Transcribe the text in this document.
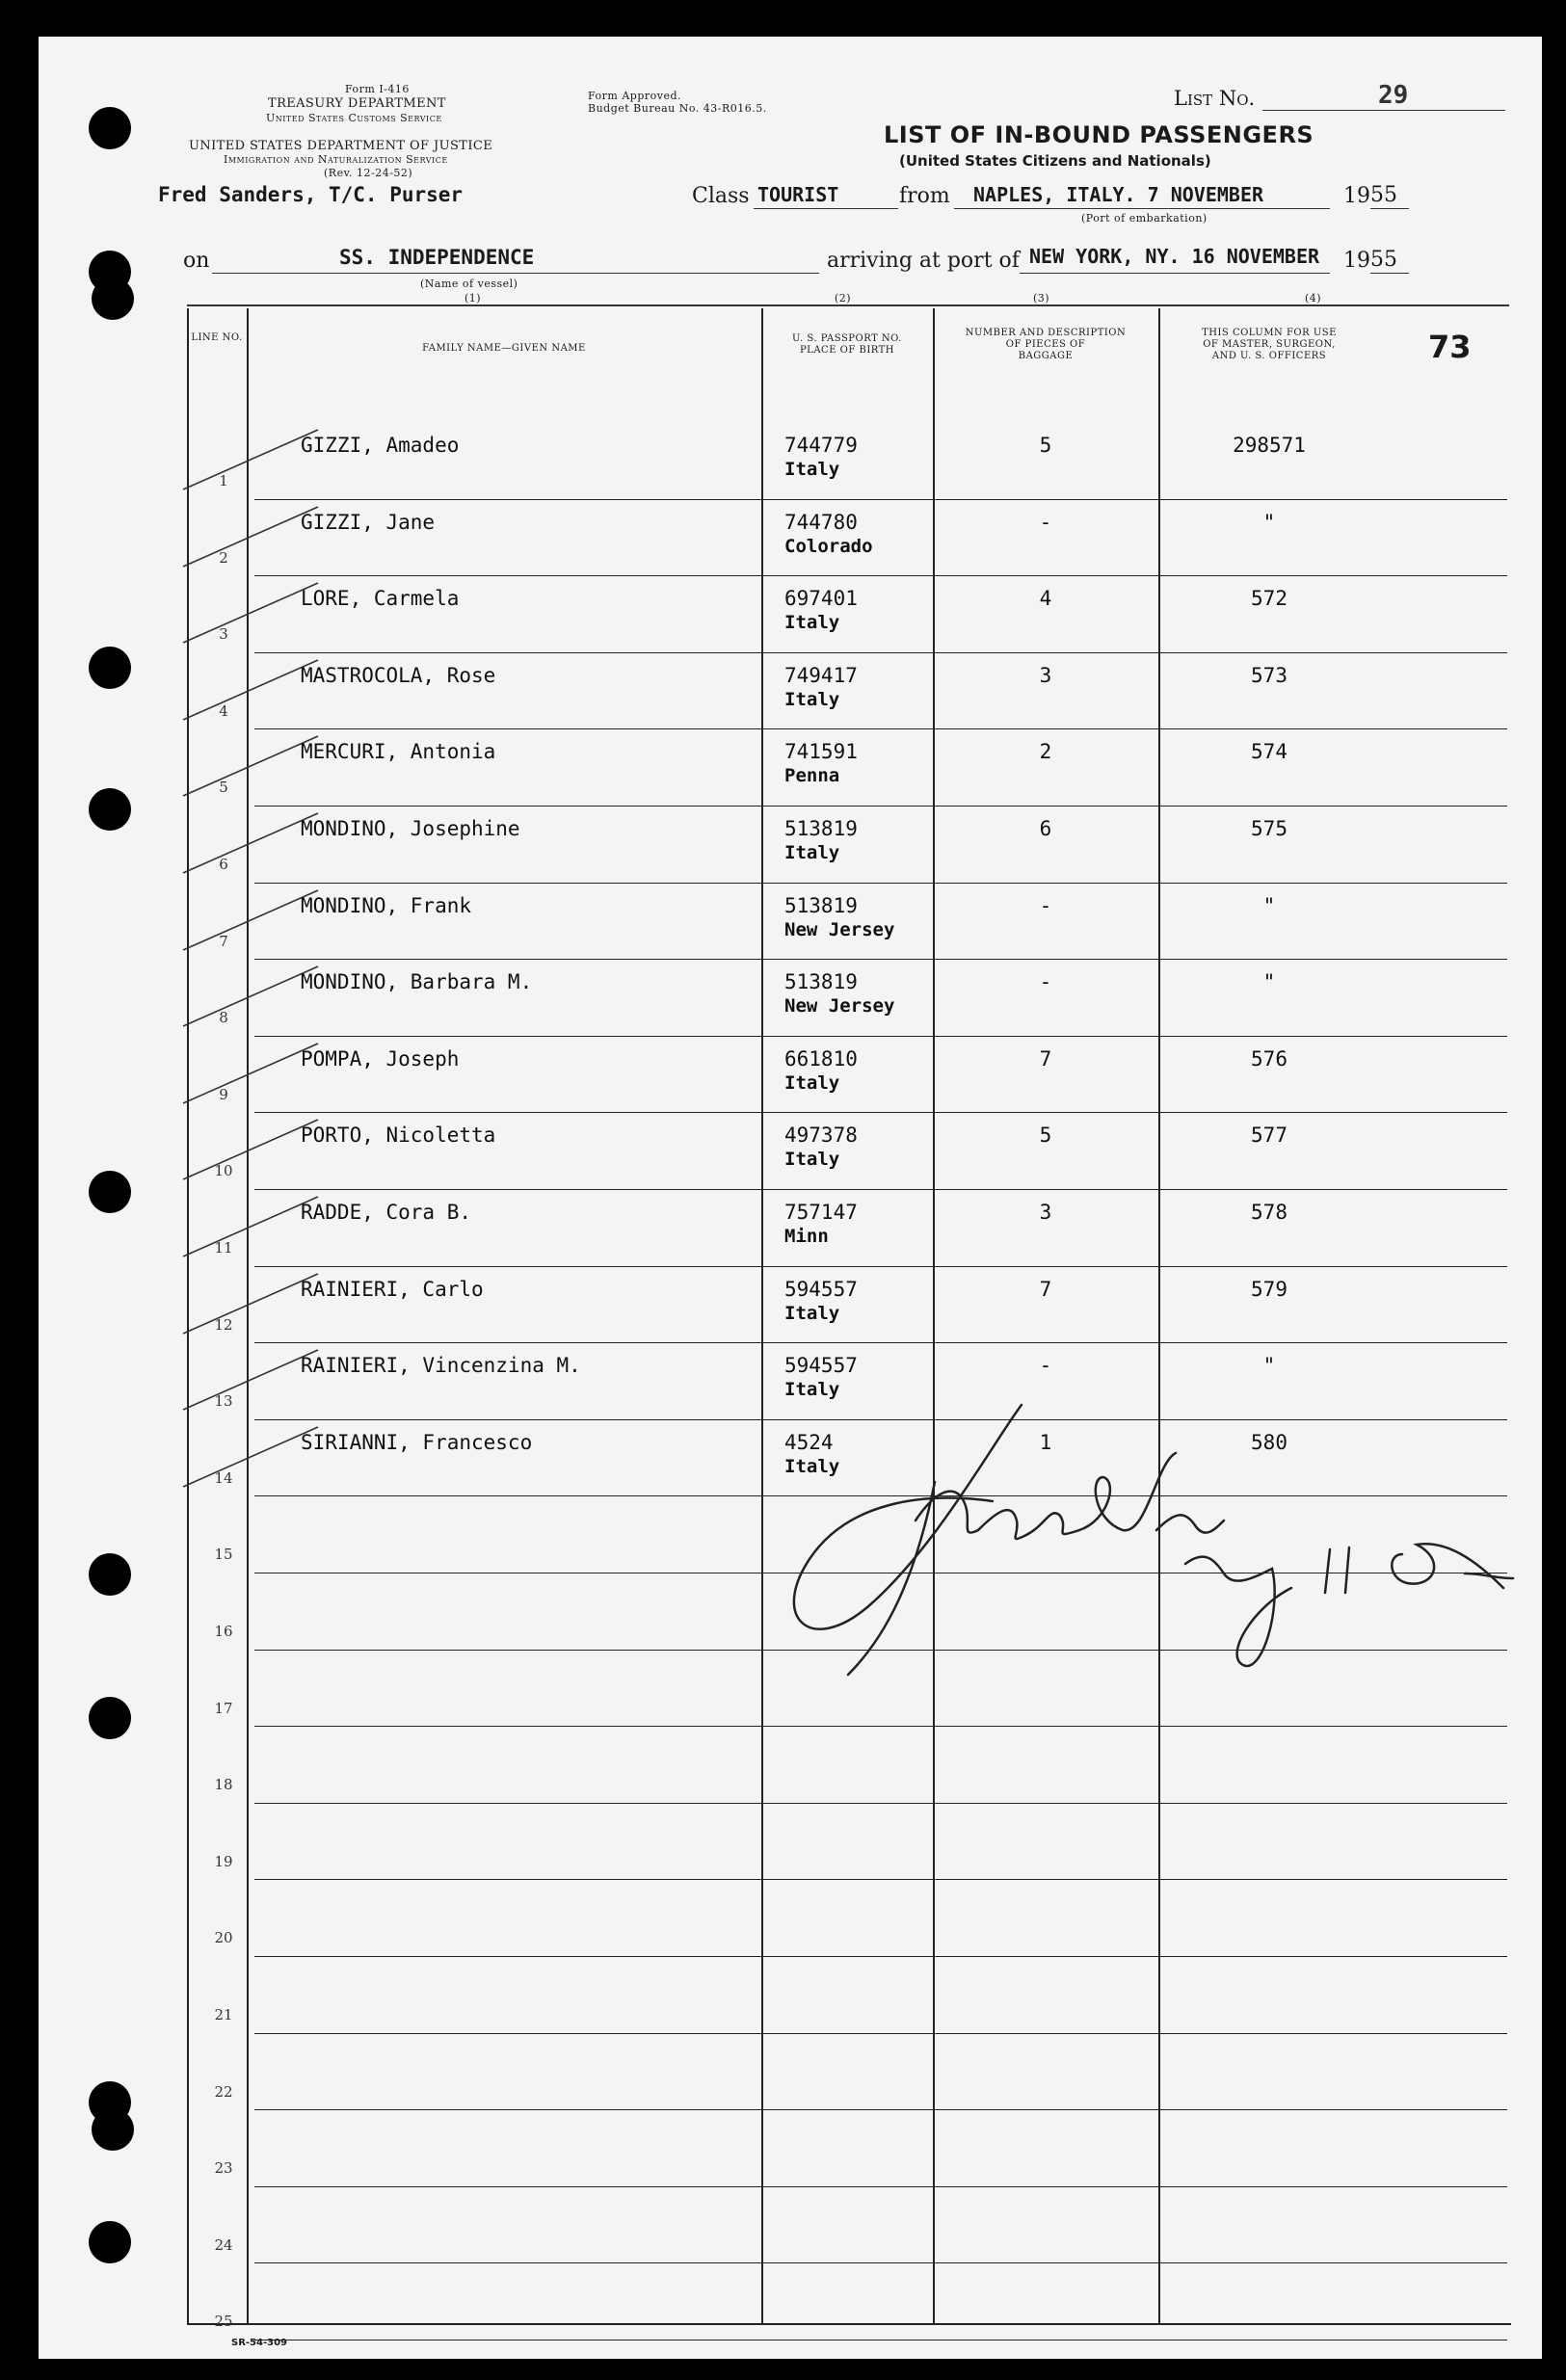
Form I-416
TREASURY DEPARTMENT
United States Customs Service
UNITED STATES DEPARTMENT OF JUSTICE
Immigration and Naturalization Service
(Rev. 12-24-52)
Form Approved.
Budget Bureau No. 43-R016.5.	List No.	29
LIST OF IN-BOUND PASSENGERS
(United States Citizens and Nationals)
Fred Sanders, T/C. Purser	Class TOURIST	from NAPLES, ITALY. 7 NOVEMBER	19 55
(Port of embarkation)
on	SS. INDEPENDENCE
(Name of vessel)
(1)
arriving at port of NEW YORK, NY. 16 NOVEMBER 19 55
(2)	(3)	(4)
LINE NO.
FAMILY NAME—GIVEN NAME
U. S. PASSPORT NO.
PLACE OF BIRTH
NUMBER AND DESCRIPTION
OF PIECES OF
BAGGAGE
THIS COLUMN FOR USE
OF MASTER, SURGEON,
AND U. S. OFFICERS	73
1
GIZZI, Amadeo	744779
Italy
5	298571
2
GIZZI, Jane	744780
Colorado
-	"
3
LORE, Carmela	697401
Italy
4	572
4
MASTROCOLA, Rose	749417
Italy
3	573
5
MERCURI, Antonia	741591
Penna
2	574
6
MONDINO, Josephine	513819
Italy
6	575
7
MONDINO, Frank	513819
New Jersey
-	"
8
MONDINO, Barbara M.	513819
New Jersey
-	"
9
POMPA, Joseph	661810
Italy
7	576
10
PORTO, Nicoletta	497378
Italy
5	577
11
RADDE, Cora B.	757147
Minn
3	578
12
RAINIERI, Carlo	594557
Italy
7	579
13
RAINIERI, Vincenzina M.	594557
Italy
-	"
14
SIRIANNI, Francesco	4524
Italy
1	580
15
16
17
18
19
20
21
22
23
24
25
SR-54-309
